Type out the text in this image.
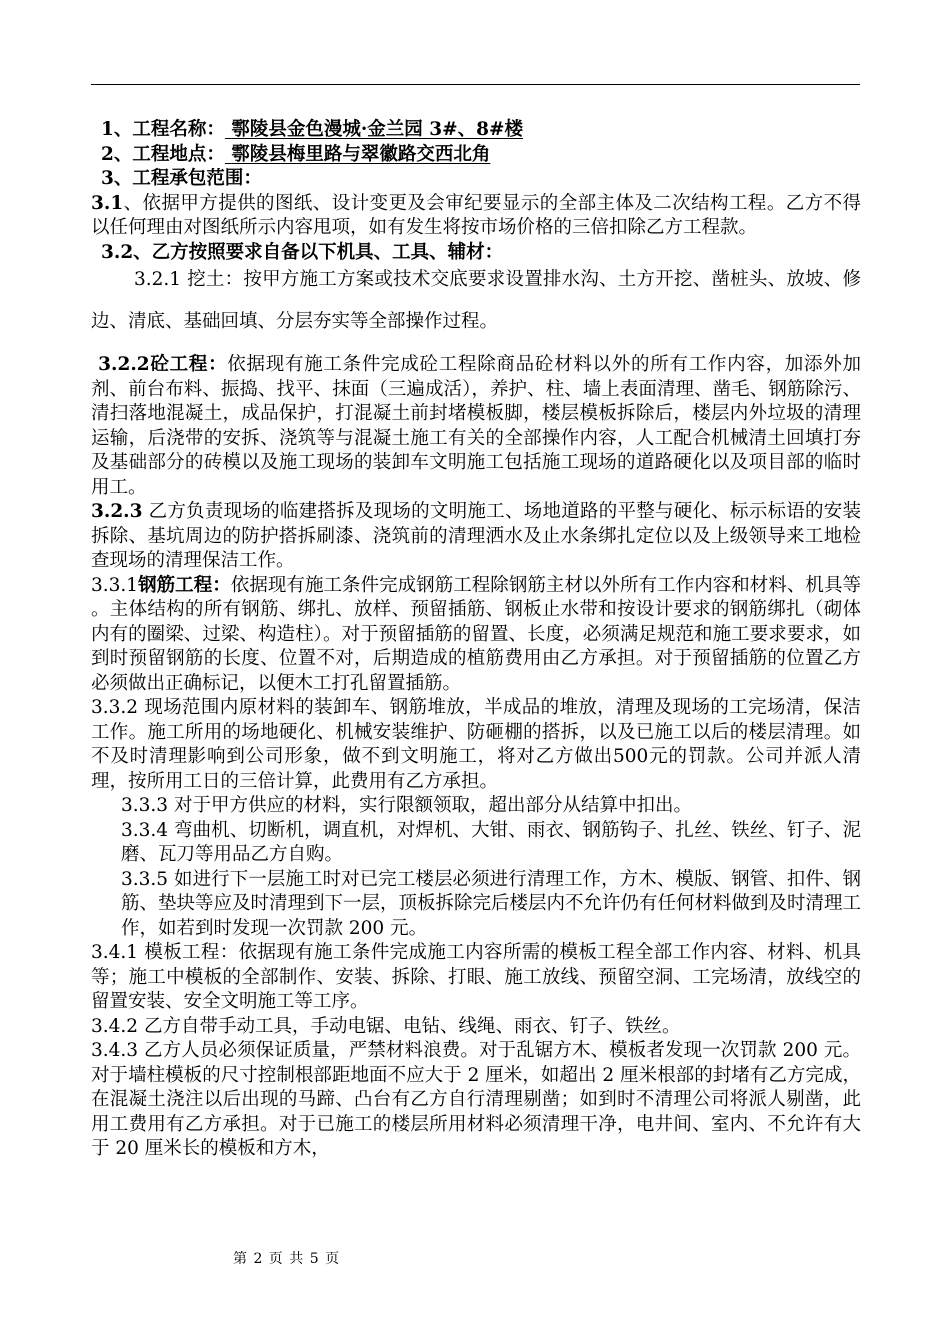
1、工程名称： 鄠陵县金色漫城·金兰园 3#、8#楼

2、工程地点： 鄠陵县梅里路与翠徽路交西北角

3、工程承包范围：

3.1、依据甲方提供的图纸、设计变更及会审纪要显示的全部主体及二次结构工程。乙方不得以任何理由对图纸所示内容甩项，如有发生将按市场价格的三倍扣除乙方工程款。

3.2、乙方按照要求自备以下机具、工具、辅材：

3.2.1 挖土：按甲方施工方案或技术交底要求设置排水沟、土方开挖、凿桩头、放坡、修边、清底、基础回填、分层夯实等全部操作过程。

3.2.2砼工程：依据现有施工条件完成砼工程除商品砼材料以外的所有工作内容，加添外加剂、前台布料、振捣、找平、抹面（三遍成活），养护、柱、墙上表面清理、凿毛、钢筋除污、清扫落地混凝土，成品保护，打混凝土前封堵模板脚，楼层模板拆除后，楼层内外垃圾的清理运输，后浇带的安拆、浇筑等与混凝土施工有关的全部操作内容，人工配合机械清土回填打夯及基础部分的砖模以及施工现场的装卸车文明施工包括施工现场的道路硬化以及项目部的临时用工。

3.2.3 乙方负责现场的临建搭拆及现场的文明施工、场地道路的平整与硬化、标示标语的安装拆除、基坑周边的防护搭拆刷漆、浇筑前的清理洒水及止水条绑扎定位以及上级领导来工地检查现场的清理保洁工作。

3.3.1钢筋工程：依据现有施工条件完成钢筋工程除钢筋主材以外所有工作内容和材料、机具等 。主体结构的所有钢筋、绑扎、放样、预留插筋、钢板止水带和按设计要求的钢筋绑扎（砌体内有的圈梁、过梁、构造柱）。对于预留插筋的留置、长度，必须满足规范和施工要求要求，如到时预留钢筋的长度、位置不对，后期造成的植筋费用由乙方承担。对于预留插筋的位置乙方必须做出正确标记，以便木工打孔留置插筋。

3.3.2 现场范围内原材料的装卸车、钢筋堆放，半成品的堆放，清理及现场的工完场清，保洁工作。施工所用的场地硬化、机械安装维护、防砸棚的搭拆，以及已施工以后的楼层清理。如不及时清理影响到公司形象，做不到文明施工，将对乙方做出500元的罚款。公司并派人清理，按所用工日的三倍计算，此费用有乙方承担。

3.3.3 对于甲方供应的材料，实行限额领取，超出部分从结算中扣出。

3.3.4 弯曲机、切断机，调直机，对焊机、大钳、雨衣、钢筋钩子、扎丝、铁丝、钉子、泥磨、瓦刀等用品乙方自购。

3.3.5 如进行下一层施工时对已完工楼层必须进行清理工作，方木、模版、钢管、扣件、钢筋、垫块等应及时清理到下一层，顶板拆除完后楼层内不允许仍有任何材料做到及时清理工作，如若到时发现一次罚款 200 元。

3.4.1 模板工程：依据现有施工条件完成施工内容所需的模板工程全部工作内容、材料、机具等；施工中模板的全部制作、安装、拆除、打眼、施工放线、预留空洞、工完场清，放线空的留置安装、安全文明施工等工序。

3.4.2 乙方自带手动工具，手动电锯、电钻、线绳、雨衣、钉子、铁丝。

3.4.3 乙方人员必须保证质量，严禁材料浪费。对于乱锯方木、模板者发现一次罚款 200 元。对于墙柱模板的尺寸控制根部距地面不应大于 2 厘米，如超出 2 厘米根部的封堵有乙方完成，在混凝土浇注以后出现的马蹄、凸台有乙方自行清理剔凿；如到时不清理公司将派人剔凿，此用工费用有乙方承担。对于已施工的楼层所用材料必须清理干净，电井间、室内、不允许有大于 20 厘米长的模板和方木，

第 2 页 共 5 页
